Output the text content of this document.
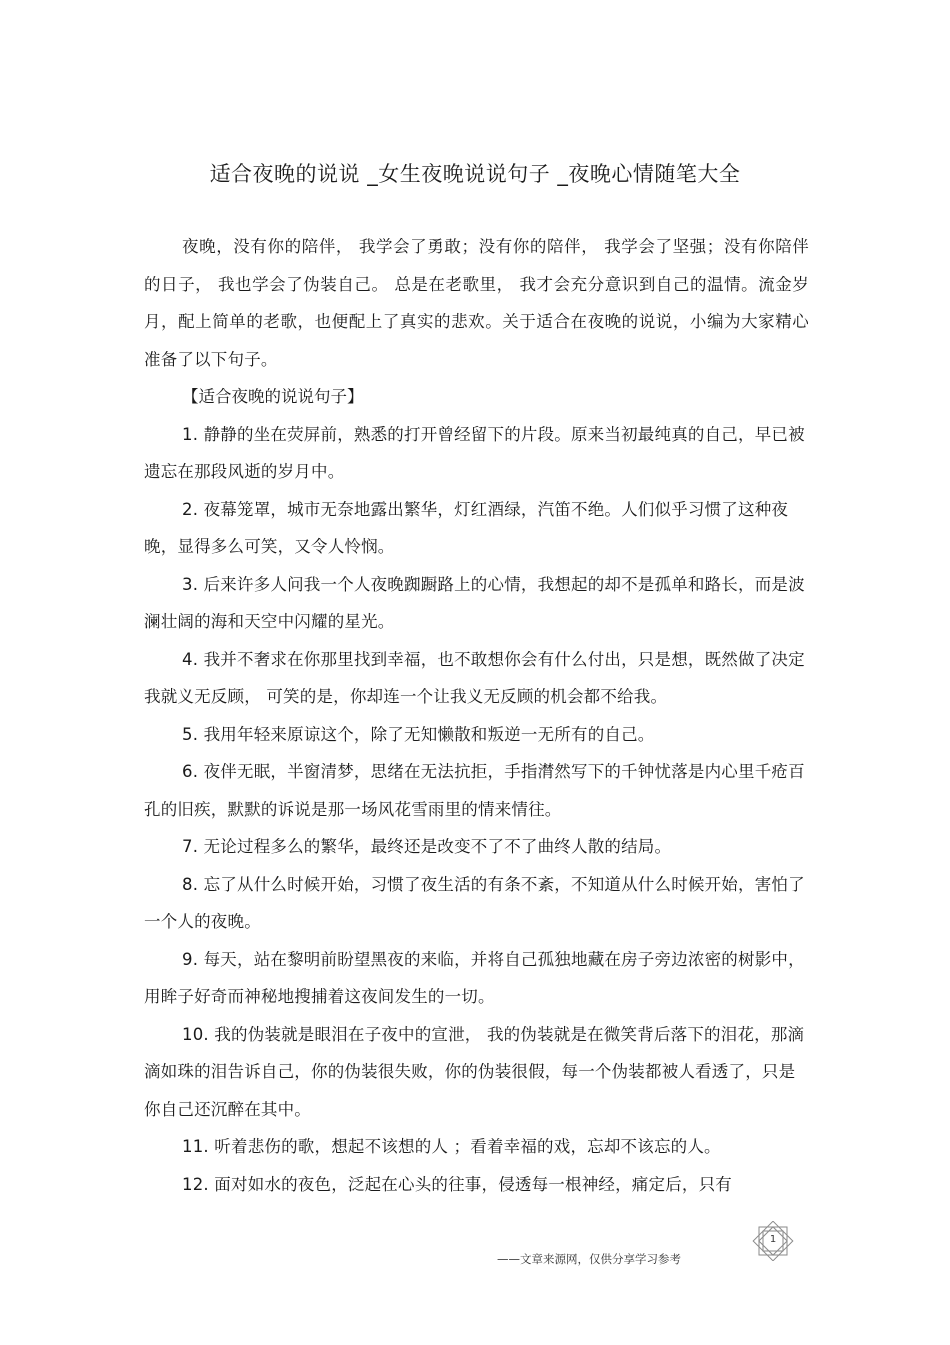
适合夜晚的说说 _女生夜晚说说句子 _夜晚心情随笔大全

夜晚，没有你的陪伴， 我学会了勇敢；没有你的陪伴， 我学会了坚强；没有你陪伴的日子， 我也学会了伪装自己。 总是在老歌里， 我才会充分意识到自己的温情。流金岁月，配上简单的老歌，也便配上了真实的悲欢。关于适合在夜晚的说说，小编为大家精心准备了以下句子。

【适合夜晚的说说句子】

1. 静静的坐在荧屏前，熟悉的打开曾经留下的片段。原来当初最纯真的自己，早已被遗忘在那段风逝的岁月中。

2. 夜幕笼罩，城市无奈地露出繁华，灯红酒绿，汽笛不绝。人们似乎习惯了这种夜晚，显得多么可笑，又令人怜悯。

3. 后来许多人问我一个人夜晚踟蹰路上的心情，我想起的却不是孤单和路长，而是波澜壮阔的海和天空中闪耀的星光。

4. 我并不奢求在你那里找到幸福，也不敢想你会有什么付出，只是想，既然做了决定我就义无反顾， 可笑的是，你却连一个让我义无反顾的机会都不给我。

5. 我用年轻来原谅这个，除了无知懒散和叛逆一无所有的自己。

6. 夜伴无眠，半窗清梦，思绪在无法抗拒，手指潸然写下的千钟忧落是内心里千疮百孔的旧疾，默默的诉说是那一场风花雪雨里的情来情往。

7. 无论过程多么的繁华，最终还是改变不了不了曲终人散的结局。

8. 忘了从什么时候开始，习惯了夜生活的有条不紊，不知道从什么时候开始，害怕了一个人的夜晚。

9. 每天，站在黎明前盼望黑夜的来临，并将自己孤独地藏在房子旁边浓密的树影中，用眸子好奇而神秘地搜捕着这夜间发生的一切。

10. 我的伪装就是眼泪在子夜中的宣泄， 我的伪装就是在微笑背后落下的泪花，那滴滴如珠的泪告诉自己，你的伪装很失败，你的伪装很假，每一个伪装都被人看透了，只是你自己还沉醉在其中。

11. 听着悲伤的歌，想起不该想的人 ；看着幸福的戏，忘却不该忘的人。

12. 面对如水的夜色，泛起在心头的往事，侵透每一根神经，痛定后，只有

1
——文章来源网，仅供分享学习参考
